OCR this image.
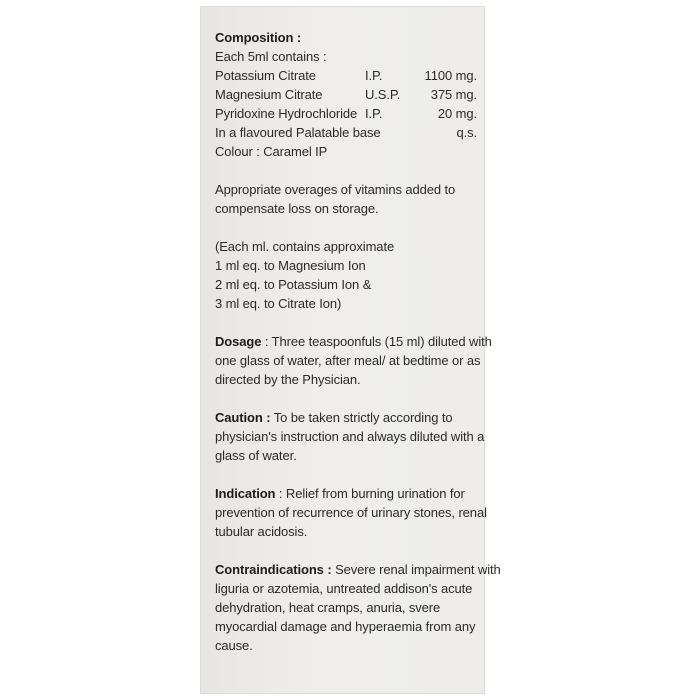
Composition :
Each 5ml contains :
Potassium Citrate	I.P.	1100 mg.
Magnesium Citrate	U.S.P. 375 mg.
Pyridoxine Hydrochloride I.P.	20 mg.
In a flavoured Palatable base	q.s.
Colour : Caramel IP
Appropriate overages of vitamins added to
compensate loss on storage.
(Each ml. contains approximate
1 ml eq. to Magnesium Ion
2 ml eq. to Potassium Ion &
3 ml eq. to Citrate Ion)
Dosage : Three teaspoonfuls (15 ml) diluted with
one glass of water, after meal/ at bedtime or as
directed by the Physician.
Caution : To be taken strictly according to
physician's instruction and always diluted with a
glass of water.
Indication : Relief from burning urination for
prevention of recurrence of urinary stones, renal
tubular acidosis.
Contraindications : Severe renal impairment with
liguria or azotemia, untreated addison's acute
dehydration, heat cramps, anuria, svere
myocardial damage and hyperaemia from any
cause.
